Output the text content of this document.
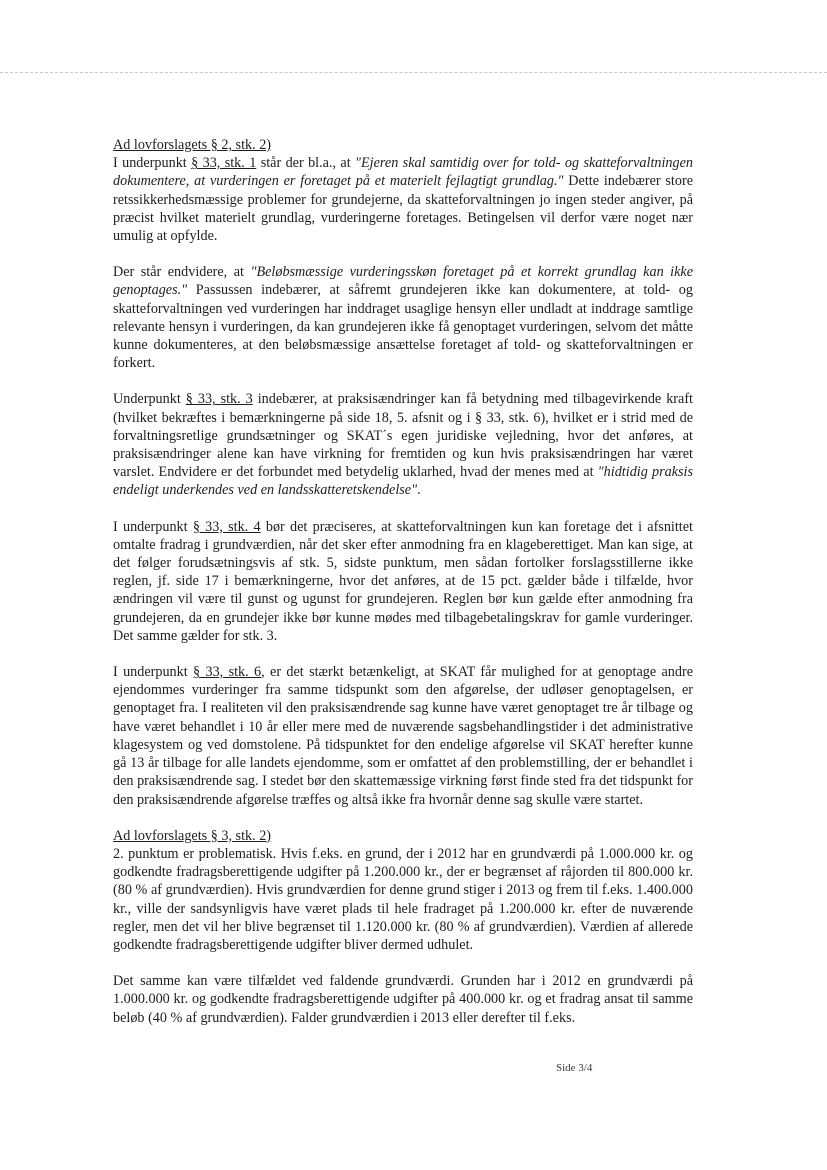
Ad lovforslagets § 2, stk. 2)

I underpunkt § 33, stk. 1 står der bl.a., at "Ejeren skal samtidig over for told- og skatteforvaltningen dokumentere, at vurderingen er foretaget på et materielt fejlagtigt grundlag." Dette indebærer store retssikkerhedsmæssige problemer for grundejerne, da skatteforvaltningen jo ingen steder angiver, på præcist hvilket materielt grundlag, vurderingerne foretages. Betingelsen vil derfor være noget nær umulig at opfylde.

Der står endvidere, at "Beløbsmæssige vurderingsskøn foretaget på et korrekt grundlag kan ikke genoptages." Passussen indebærer, at såfremt grundejeren ikke kan dokumentere, at told- og skatteforvaltningen ved vurderingen har inddraget usaglige hensyn eller undladt at inddrage samtlige relevante hensyn i vurderingen, da kan grundejeren ikke få genoptaget vurderingen, selvom det måtte kunne dokumenteres, at den beløbsmæssige ansættelse foretaget af told- og skatteforvaltningen er forkert.

Underpunkt § 33, stk. 3 indebærer, at praksisændringer kan få betydning med tilbagevirkende kraft (hvilket bekræftes i bemærkningerne på side 18, 5. afsnit og i § 33, stk. 6), hvilket er i strid med de forvaltningsretlige grundsætninger og SKAT´s egen juridiske vejledning, hvor det anføres, at praksisændringer alene kan have virkning for fremtiden og kun hvis praksisændringen har været varslet. Endvidere er det forbundet med betydelig uklarhed, hvad der menes med at "hidtidig praksis endeligt underkendes ved en landsskatteretskendelse".

I underpunkt § 33, stk. 4 bør det præciseres, at skatteforvaltningen kun kan foretage det i afsnittet omtalte fradrag i grundværdien, når det sker efter anmodning fra en klageberettiget. Man kan sige, at det følger forudsætningsvis af stk. 5, sidste punktum, men sådan fortolker forslagsstillerne ikke reglen, jf. side 17 i bemærkningerne, hvor det anføres, at de 15 pct. gælder både i tilfælde, hvor ændringen vil være til gunst og ugunst for grundejeren. Reglen bør kun gælde efter anmodning fra grundejeren, da en grundejer ikke bør kunne mødes med tilbagebetalingskrav for gamle vurderinger. Det samme gælder for stk. 3.

I underpunkt § 33, stk. 6, er det stærkt betænkeligt, at SKAT får mulighed for at genoptage andre ejendommes vurderinger fra samme tidspunkt som den afgørelse, der udløser genoptagelsen, er genoptaget fra. I realiteten vil den praksisændrende sag kunne have været genoptaget tre år tilbage og have været behandlet i 10 år eller mere med de nuværende sagsbehandlingstider i det administrative klagesystem og ved domstolene. På tidspunktet for den endelige afgørelse vil SKAT herefter kunne gå 13 år tilbage for alle landets ejendomme, som er omfattet af den problemstilling, der er behandlet i den praksisændrende sag. I stedet bør den skattemæssige virkning først finde sted fra det tidspunkt for den praksisændrende afgørelse træffes og altså ikke fra hvornår denne sag skulle være startet.

Ad lovforslagets § 3, stk. 2)

2. punktum er problematisk. Hvis f.eks. en grund, der i 2012 har en grundværdi på 1.000.000 kr. og godkendte fradragsberettigende udgifter på 1.200.000 kr., der er begrænset af råjorden til 800.000 kr. (80 % af grundværdien). Hvis grundværdien for denne grund stiger i 2013 og frem til f.eks. 1.400.000 kr., ville der sandsynligvis have været plads til hele fradraget på 1.200.000 kr. efter de nuværende regler, men det vil her blive begrænset til 1.120.000 kr. (80 % af grundværdien). Værdien af allerede godkendte fradragsberettigende udgifter bliver dermed udhulet.

Det samme kan være tilfældet ved faldende grundværdi. Grunden har i 2012 en grundværdi på 1.000.000 kr. og godkendte fradragsberettigende udgifter på 400.000 kr. og et fradrag ansat til samme beløb (40 % af grundværdien). Falder grundværdien i 2013 eller derefter til f.eks.

Side 3/4
